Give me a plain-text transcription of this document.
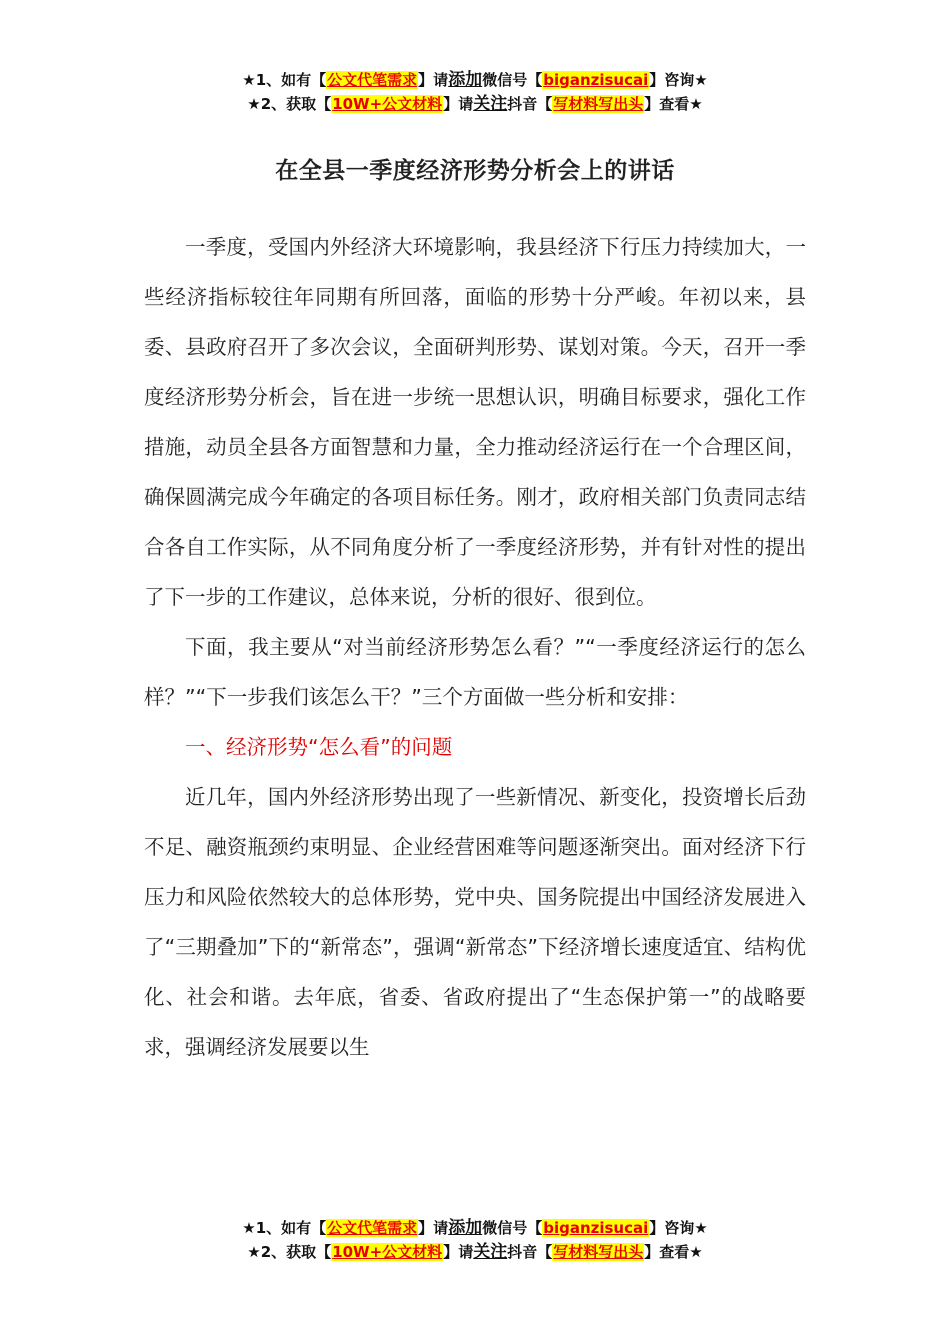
★1、如有【公文代笔需求】请添加微信号【biganzisucai】咨询★
★2、获取【10W+公文材料】请关注抖音【写材料写出头】查看★
在全县一季度经济形势分析会上的讲话

一季度，受国内外经济大环境影响，我县经济下行压力持续加大，一些经济指标较往年同期有所回落，面临的形势十分严峻。年初以来，县委、县政府召开了多次会议，全面研判形势、谋划对策。今天，召开一季度经济形势分析会，旨在进一步统一思想认识，明确目标要求，强化工作措施，动员全县各方面智慧和力量，全力推动经济运行在一个合理区间，确保圆满完成今年确定的各项目标任务。刚才，政府相关部门负责同志结合各自工作实际，从不同角度分析了一季度经济形势，并有针对性的提出了下一步的工作建议，总体来说，分析的很好、很到位。

下面，我主要从“对当前经济形势怎么看？”“一季度经济运行的怎么样？”“下一步我们该怎么干？”三个方面做一些分析和安排：

一、经济形势“怎么看”的问题

近几年，国内外经济形势出现了一些新情况、新变化，投资增长后劲不足、融资瓶颈约束明显、企业经营困难等问题逐渐突出。面对经济下行压力和风险依然较大的总体形势，党中央、国务院提出中国经济发展进入了“三期叠加”下的“新常态”，强调“新常态”下经济增长速度适宜、结构优化、社会和谐。去年底，省委、省政府提出了“生态保护第一”的战略要求，强调经济发展要以生

★1、如有【公文代笔需求】请添加微信号【biganzisucai】咨询★
★2、获取【10W+公文材料】请关注抖音【写材料写出头】查看★
